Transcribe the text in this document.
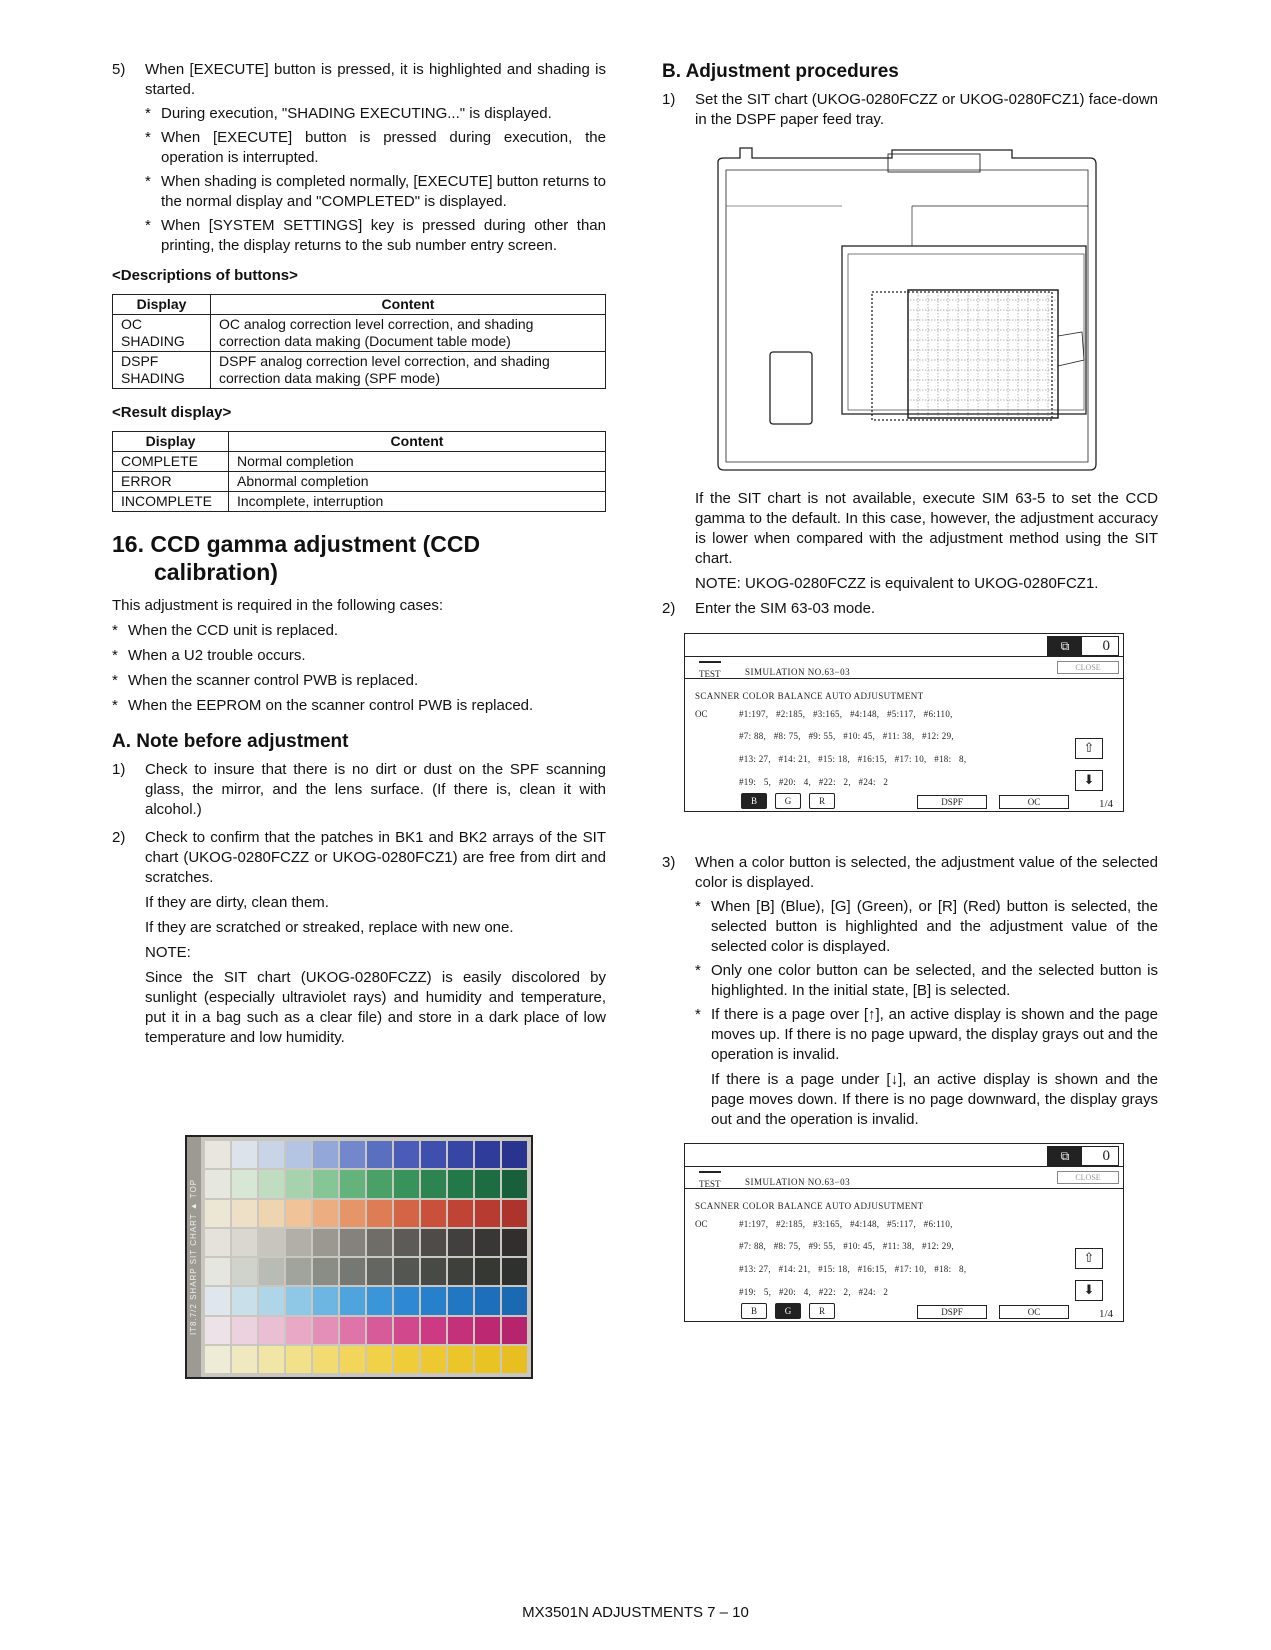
5)	When [EXECUTE] button is pressed, it is highlighted and shading is started.
* During execution, "SHADING EXECUTING..." is displayed.
* When [EXECUTE] button is pressed during execution, the operation is interrupted.
* When shading is completed normally, [EXECUTE] button returns to the normal display and "COMPLETED" is displayed.
* When [SYSTEM SETTINGS] key is pressed during other than printing, the display returns to the sub number entry screen.
<Descriptions of buttons>
Display	Content
OC
SHADING	OC analog correction level correction, and shading correction data making (Document table mode)
DSPF
SHADING	DSPF analog correction level correction, and shading correction data making (SPF mode)
<Result display>
Display	Content
COMPLETE	Normal completion
ERROR	Abnormal completion
INCOMPLETE	Incomplete, interruption
16. CCD gamma adjustment (CCD
calibration)

This adjustment is required in the following cases:

* When the CCD unit is replaced.
* When a U2 trouble occurs.
* When the scanner control PWB is replaced.
* When the EEPROM on the scanner control PWB is replaced.
A. Note before adjustment
1)	Check to insure that there is no dirt or dust on the SPF scanning glass, the mirror, and the lens surface. (If there is, clean it with alcohol.)
2)	Check to confirm that the patches in BK1 and BK2 arrays of the SIT chart (UKOG-0280FCZZ or UKOG-0280FCZ1) are free from dirt and scratches.

If they are dirty, clean them.

If they are scratched or streaked, replace with new one.

NOTE:

Since the SIT chart (UKOG-0280FCZZ) is easily discolored by sunlight (especially ultraviolet rays) and humidity and temperature, put it in a bag such as a clear file) and store in a dark place of low temperature and low humidity.

IT8.7/2 SHARP SIT CHART ▲ TOP
B. Adjustment procedures
1)	Set the SIT chart (UKOG-0280FCZZ or UKOG-0280FCZ1) face-down in the DSPF paper feed tray.

If the SIT chart is not available, execute SIM 63-5 to set the CCD gamma to the default. In this case, however, the adjustment accuracy is lower when compared with the adjustment method using the SIT chart.

NOTE: UKOG-0280FCZZ is equivalent to UKOG-0280FCZ1.

2)	Enter the SIM 63-03 mode.
3)	When a color button is selected, the adjustment value of the selected color is displayed.
* When [B] (Blue), [G] (Green), or [R] (Red) button is selected, the selected button is highlighted and the adjustment value of the selected color is displayed.
* Only one color button can be selected, and the selected button is highlighted. In the initial state, [B] is selected.
* If there is a page over [↑], an active display is shown and the page moves up. If there is no page upward, the display grays out and the operation is invalid.

If there is a page under [↓], an active display is shown and the page moves down. If there is no page downward, the display grays out and the operation is invalid.

⧉	0
TEST	SIMULATION NO.63−03	CLOSE
SCANNER COLOR BALANCE AUTO ADJUSUTMENT
OC	#1:197,   #2:185,   #3:165,   #4:148,   #5:117,   #6:110,
#7: 88,   #8: 75,   #9: 55,   #10: 45,   #11: 38,   #12: 29,
#13: 27,   #14: 21,   #15: 18,   #16:15,   #17: 10,   #18:   8,
#19:   5,   #20:   4,   #22:   2,   #24:   2
⇧
⬇
B	G	R	DSPF	OC	1/4
⧉	0
TEST	SIMULATION NO.63−03	CLOSE
SCANNER COLOR BALANCE AUTO ADJUSUTMENT
OC	#1:197,   #2:185,   #3:165,   #4:148,   #5:117,   #6:110,
#7: 88,   #8: 75,   #9: 55,   #10: 45,   #11: 38,   #12: 29,
#13: 27,   #14: 21,   #15: 18,   #16:15,   #17: 10,   #18:   8,
#19:   5,   #20:   4,   #22:   2,   #24:   2
⇧
⬇
B	G	R	DSPF	OC	1/4
MX3501N ADJUSTMENTS 7 – 10
